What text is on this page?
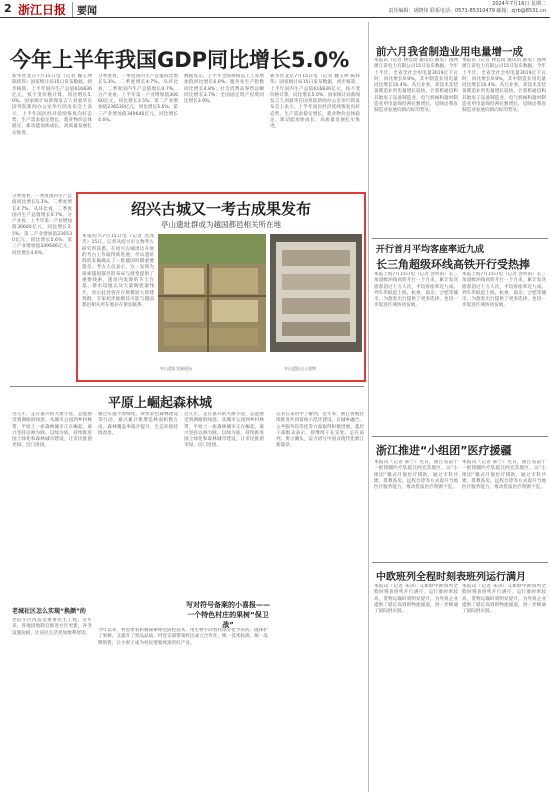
2 浙江日报	要闻
2024年7月16日 星期二
责任编辑：胡晓伟 联系电话：0571-85310479 邮箱：zjrb@8531.cn
今年上半年我国GDP同比增长5.0%
新华社北京7月15日电（记者 魏玉坤 陈炜伟）国家统计局15日发布数据，初步核算，上半年国内生产总值616836亿元，按不变价格计算，同比增长5.0%。国家统计局新闻发言人刘爱华在国务院新闻办公室举行的发布会上表示，上半年国民经济延续恢复向好态势，生产需求稳定增长，就业物价总体稳定，新动能加快成长，高质量发展扎实推进。
分季度看，一季度国内生产总值同比增长5.3%，二季度增长4.7%。从环比看，二季度国内生产总值增长0.7%。分产业看，上半年第一产业增加值30660亿元，同比增长3.5%；第二产业增加值236530亿元，同比增长5.6%；第三产业增加值349646亿元，同比增长4.6%。
数据显示，上半年全国规模以上工业增加值同比增长6.0%；服务业生产指数同比增长4.8%；社会消费品零售总额同比增长3.7%；全国固定资产投资同比增长3.9%。
新华社北京7月15日电（记者 魏玉坤 陈炜伟）国家统计局15日发布数据，初步核算，上半年国内生产总值616836亿元，按不变价格计算，同比增长5.0%。国家统计局新闻发言人刘爱华在国务院新闻办公室举行的发布会上表示，上半年国民经济延续恢复向好态势，生产需求稳定增长，就业物价总体稳定，新动能加快成长，高质量发展扎实推进。
绍兴古城又一考古成果发布
亭山遗址群或为越国都邑相关所在地
本报绍兴7月15日电（记者 沈冰杰）15日，记者从绍兴市文物考古研究所获悉，在绍兴古城周边开展的考古工作取得新进展，亭山遗址群的发掘确认了一批越国时期重要遗存。考古人员表示，这一发现为探索越国都邑的布局与演变提供了重要线索。遗址内发现的夯土台基、排水设施以及大量陶瓷器残片，显示此处曾存在规模较大的建筑群，专家初步推断其可能与越国都邑相关所在地存在密切联系。
亭山遗址发掘现场	亭山遗址出土器物
分季度看，一季度国内生产总值同比增长5.3%，二季度增长4.7%。从环比看，二季度国内生产总值增长0.7%。分产业看，上半年第一产业增加值30660亿元，同比增长3.5%；第二产业增加值236530亿元，同比增长5.6%；第三产业增加值349646亿元，同比增长4.6%。
平原上崛起森林城
这几年，走在嘉兴的大街小巷，总能感受到满眼的绿意。从城市公园到乡村林带，平原上一座森林城市正在崛起。嘉兴坚持以林为脉、以绿为底，持续推进国土绿化和森林城市建设，让市民推窗见绿、出门进园。
通过实施平原绿化、珍贵彩色森林建设等行动，嘉兴累计新增造林面积数万亩，森林覆盖率稳步提升，生态环境持续改善。
这几年，走在嘉兴的大街小巷，总能感受到满眼的绿意。从城市公园到乡村林带，平原上一座森林城市正在崛起。嘉兴坚持以林为脉、以绿为底，持续推进国土绿化和森林城市建设，让市民推窗见绿、出门进园。
老城社区怎么实现“换颜”的
老旧小区改造是重要民生工程。近年来，各地因地制宜推进社区更新，补齐设施短板，让居民生活更加便利舒适。
写对符号备案的小喜报——一个特色村庄的果树“保卫战”
今年以来，村里果农积极探索绿色防控技术，用生物手段替代部分化学农药，既保护了果树，又提升了果品品质。村党支部带领村民成立合作社，统一技术标准、统一品牌销售，让小果子成为村民增收致富的好产业。
记者在采访中了解到，近年来，浙江各地持续推进共同富裕示范区建设，在城乡融合、公共服务均等化等方面取得积极进展。基层干部群众表示，将继续干在实处、走在前列、勇立潮头，奋力谱写中国式现代化浙江新篇章。
前六月我省制造业用电量增一成
本报讯（记者 林佳琦 通讯员 浙电）国网浙江省电力有限公司15日发布数据，今年上半年，全省全社会用电量3019亿千瓦时，同比增长9.9%，其中制造业用电量同比增长10.4%。从行业看，高技术及装备制造业用电量增长较快，计算机通信和其他电子设备制造业、电气机械和器材制造业用电量保持两位数增长，反映出我省制造业发展向新向好的势头。
本报讯（记者 林佳琦 通讯员 浙电）国网浙江省电力有限公司15日发布数据，今年上半年，全省全社会用电量3019亿千瓦时，同比增长9.9%，其中制造业用电量同比增长10.4%。从行业看，高技术及装备制造业用电量增长较快，计算机通信和其他电子设备制造业、电气机械和器材制造业用电量保持两位数增长，反映出我省制造业发展向新向好的势头。
开行首月平均客座率近九成
长三角超级环线高铁开行受热捧
本报上海7月15日电（记者 沈听雨）长三角超级环线高铁开行一个月来，累计发送旅客超过十万人次，平均客座率近九成。列车串联起上海、杭州、南京、合肥等城市，为旅客出行提供了更多选择，也进一步促进区域协同发展。
本报上海7月15日电（记者 沈听雨）长三角超级环线高铁开行一个月来，累计发送旅客超过十万人次，平均客座率近九成。列车串联起上海、杭州、南京、合肥等城市，为旅客出行提供了更多选择，也进一步促进区域协同发展。
浙江推进“小组团”医疗援疆
本报讯（记者 陈宁）近日，浙江省第十一批援疆医疗队抵达阿克苏地区，以“小组团”模式开展医疗援助，通过专科共建、带教查房、远程会诊等方式提升当地医疗服务能力，推动优质医疗资源下沉。
本报讯（记者 陈宁）近日，浙江省第十一批援疆医疗队抵达阿克苏地区，以“小组团”模式开展医疗援助，通过专科共建、带教查房、远程会诊等方式提升当地医疗服务能力，推动优质医疗资源下沉。
中欧班列全程时刻表班列运行满月
本报讯（记者 朱涛）义新欧中欧班列全程时刻表班列开行满月，运行准时率较高，货物运输时效明显提升，为外贸企业提供了稳定高效的物流通道，进一步畅通了国际供应链。
本报讯（记者 朱涛）义新欧中欧班列全程时刻表班列开行满月，运行准时率较高，货物运输时效明显提升，为外贸企业提供了稳定高效的物流通道，进一步畅通了国际供应链。
